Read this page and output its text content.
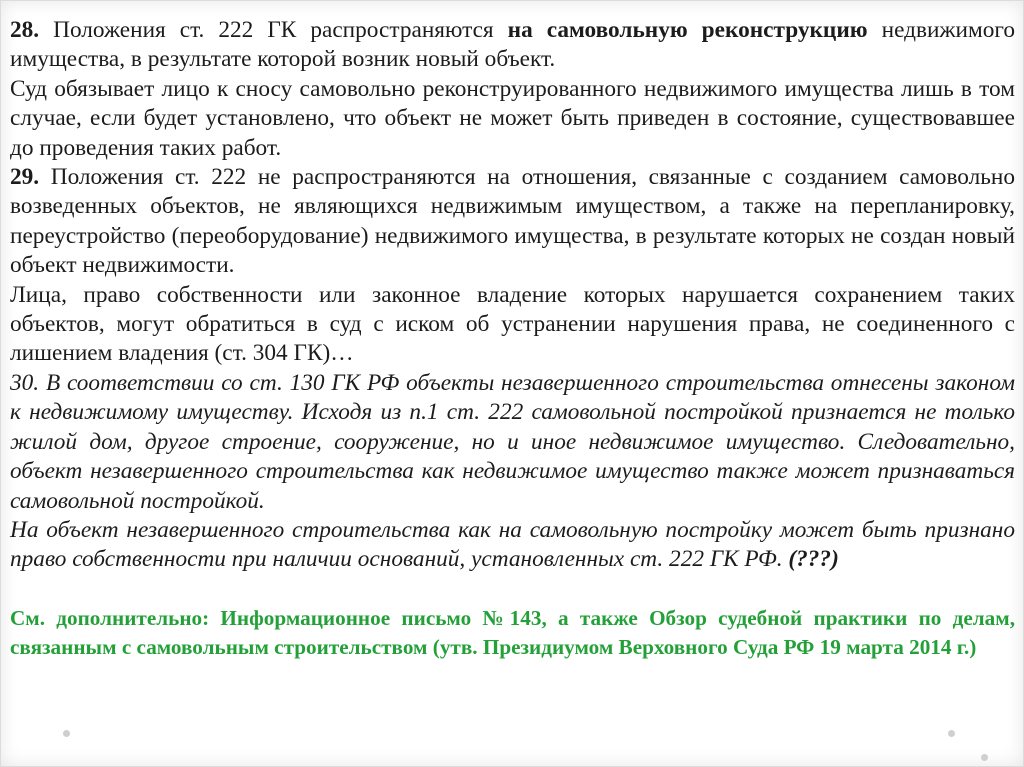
28. Положения ст. 222 ГК распространяются на самовольную реконструкцию недвижимого имущества, в результате которой возник новый объект.

Суд обязывает лицо к сносу самовольно реконструированного недвижимого имущества лишь в том случае, если будет установлено, что объект не может быть приведен в состояние, существовавшее до проведения таких работ.

29. Положения ст. 222 не распространяются на отношения, связанные с созданием самовольно возведенных объектов, не являющихся недвижимым имуществом, а также на перепланировку, переустройство (переоборудование) недвижимого имущества, в результате которых не создан новый объект недвижимости.

Лица, право собственности или законное владение которых нарушается сохранением таких объектов, могут обратиться в суд с иском об устранении нарушения права, не соединенного с лишением владения (ст. 304 ГК)…

30. В соответствии со ст. 130 ГК РФ объекты незавершенного строительства отнесены законом к недвижимому имуществу. Исходя из п.1 ст. 222 самовольной постройкой признается не только жилой дом, другое строение, сооружение, но и иное недвижимое имущество. Следовательно, объект незавершенного строительства как недвижимое имущество также может признаваться самовольной постройкой.

На объект незавершенного строительства как на самовольную постройку может быть признано право собственности при наличии оснований, установленных ст. 222 ГК РФ. (???)

См. дополнительно: Информационное письмо №143, а также Обзор судебной практики по делам, связанным с самовольным строительством (утв. Президиумом Верховного Суда РФ 19 марта 2014 г.)
